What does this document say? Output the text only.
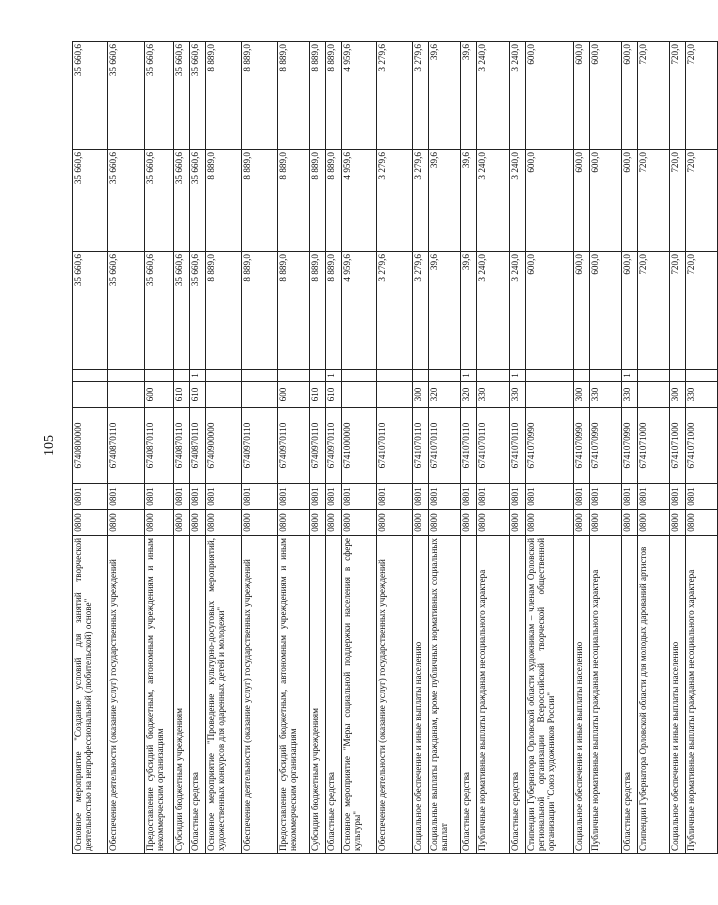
105
Основное мероприятие "Создание условий для занятий творческой деятельностью на непрофессиональной (любительской) основе"	0800	0801	6740800000			35 660,6	35 660,6	35 660,6
Обеспечение деятельности (оказание услуг) государственных учреждений	0800	0801	6740870110			35 660,6	35 660,6	35 660,6
Предоставление субсидий бюджетным, автономным учреждениям и иным некоммерческим организациям	0800	0801	6740870110	600		35 660,6	35 660,6	35 660,6
Субсидии бюджетным учреждениям	0800	0801	6740870110	610		35 660,6	35 660,6	35 660,6
Областные средства	0800	0801	6740870110	610	1	35 660,6	35 660,6	35 660,6
Основное мероприятие "Проведение культурно-досуговых мероприятий, художественных конкурсов для одаренных детей и молодежи"	0800	0801	6740900000			8 889,0	8 889,0	8 889,0
Обеспечение деятельности (оказание услуг) государственных учреждений	0800	0801	6740970110			8 889,0	8 889,0	8 889,0
Предоставление субсидий бюджетным, автономным учреждениям и иным некоммерческим организациям	0800	0801	6740970110	600		8 889,0	8 889,0	8 889,0
Субсидии бюджетным учреждениям	0800	0801	6740970110	610		8 889,0	8 889,0	8 889,0
Областные средства	0800	0801	6740970110	610	1	8 889,0	8 889,0	8 889,0
Основное мероприятие "Меры социальной поддержки населения в сфере культуры"	0800	0801	6741000000			4 959,6	4 959,6	4 959,6
Обеспечение деятельности (оказание услуг) государственных учреждений	0800	0801	6741070110			3 279,6	3 279,6	3 279,6
Социальное обеспечение и иные выплаты населению	0800	0801	6741070110	300		3 279,6	3 279,6	3 279,6
Социальные выплаты гражданам, кроме публичных нормативных социальных выплат	0800	0801	6741070110	320		39,6	39,6	39,6
Областные средства	0800	0801	6741070110	320	1	39,6	39,6	39,6
Публичные нормативные выплаты гражданам несоциального характера	0800	0801	6741070110	330		3 240,0	3 240,0	3 240,0
Областные средства	0800	0801	6741070110	330	1	3 240,0	3 240,0	3 240,0
Стипендии Губернатора Орловской области художникам – членам Орловской региональной организации Всероссийской творческой общественной организации "Союз художников России"	0800	0801	6741070990			600,0	600,0	600,0
Социальное обеспечение и иные выплаты населению	0800	0801	6741070990	300		600,0	600,0	600,0
Публичные нормативные выплаты гражданам несоциального характера	0800	0801	6741070990	330		600,0	600,0	600,0
Областные средства	0800	0801	6741070990	330	1	600,0	600,0	600,0
Стипендии Губернатора Орловской области для молодых дарований артистов	0800	0801	6741071000			720,0	720,0	720,0
Социальное обеспечение и иные выплаты населению	0800	0801	6741071000	300		720,0	720,0	720,0
Публичные нормативные выплаты гражданам несоциального характера	0800	0801	6741071000	330		720,0	720,0	720,0
